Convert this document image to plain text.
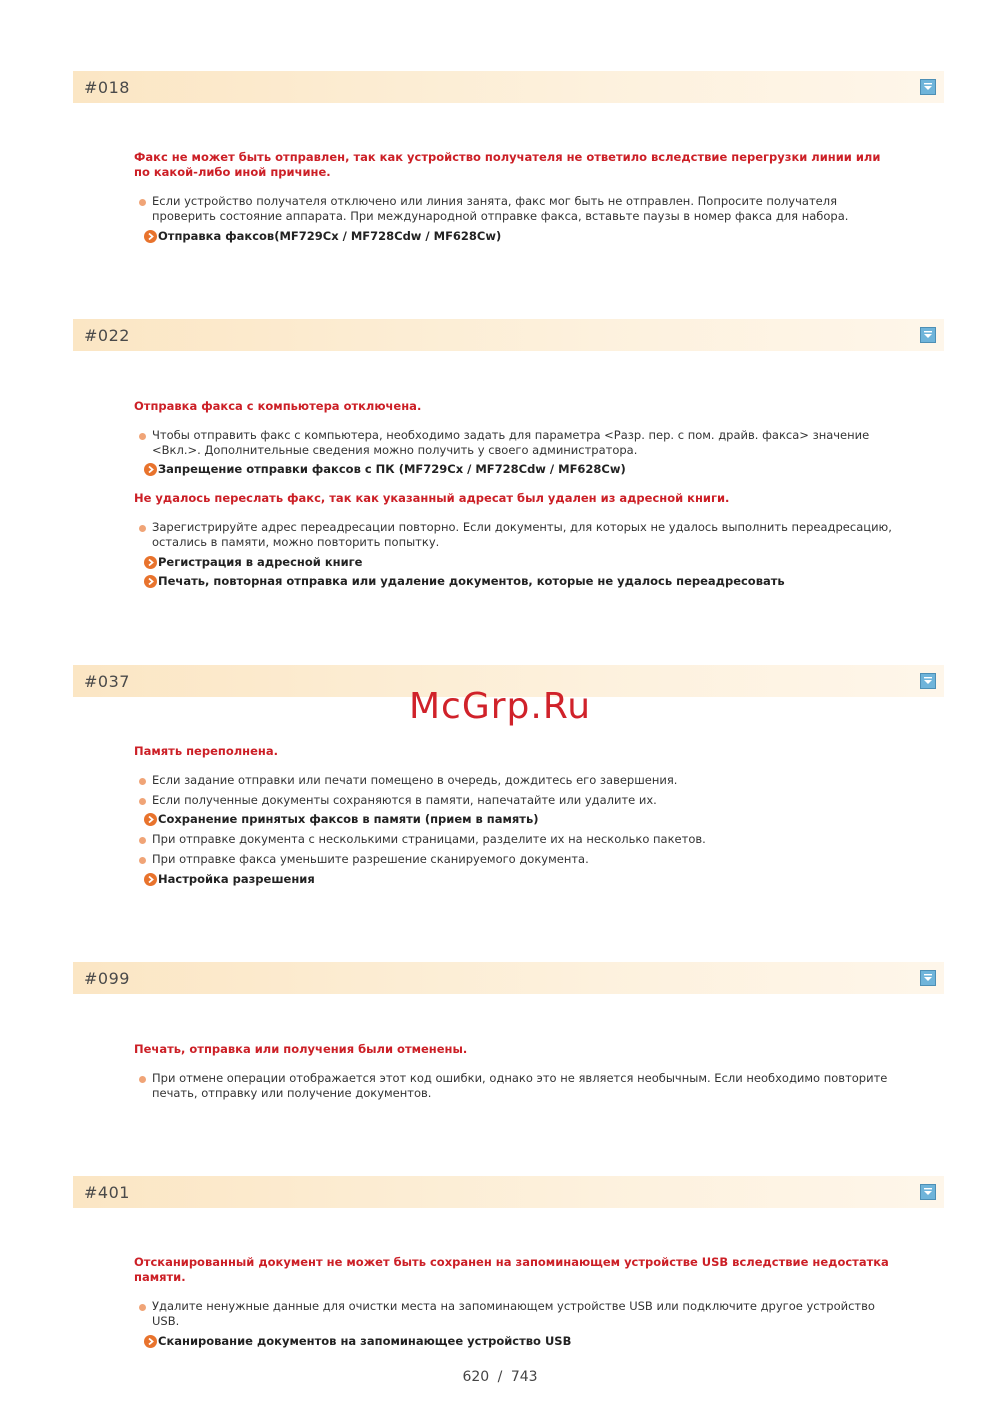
#018
Факс не может быть отправлен, так как устройство получателя не ответило вследствие перегрузки линии или по какой-либо иной причине.
Если устройство получателя отключено или линия занята, факс мог быть не отправлен. Попросите получателя проверить состояние аппарата. При международной отправке факса, вставьте паузы в номер факса для набора.
Отправка факсов(MF729Cx / MF728Cdw / MF628Cw)
#022
Отправка факса с компьютера отключена.
Чтобы отправить факс с компьютера, необходимо задать для параметра <Разр. пер. с пом. драйв. факса> значение <Вкл.>. Дополнительные сведения можно получить у своего администратора.
Запрещение отправки факсов с ПК (MF729Cx / MF728Cdw / MF628Cw)
Не удалось переслать факс, так как указанный адресат был удален из адресной книги.
Зарегистрируйте адрес переадресации повторно. Если документы, для которых не удалось выполнить переадресацию, остались в памяти, можно повторить попытку.
Регистрация в адресной книге
Печать, повторная отправка или удаление документов, которые не удалось переадресовать
#037
Память переполнена.
Если задание отправки или печати помещено в очередь, дождитесь его завершения.
Если полученные документы сохраняются в памяти, напечатайте или удалите их.
Сохранение принятых факсов в памяти (прием в память)
При отправке документа с несколькими страницами, разделите их на несколько пакетов.
При отправке факса уменьшите разрешение сканируемого документа.
Настройка разрешения
#099
Печать, отправка или получения были отменены.
При отмене операции отображается этот код ошибки, однако это не является необычным. Если необходимо повторите печать, отправку или получение документов.
#401
Отсканированный документ не может быть сохранен на запоминающем устройстве USB вследствие недостатка памяти.
Удалите ненужные данные для очистки места на запоминающем устройстве USB или подключите другое устройство USB.
Сканирование документов на запоминающее устройство USB
McGrp.Ru
620 / 743
